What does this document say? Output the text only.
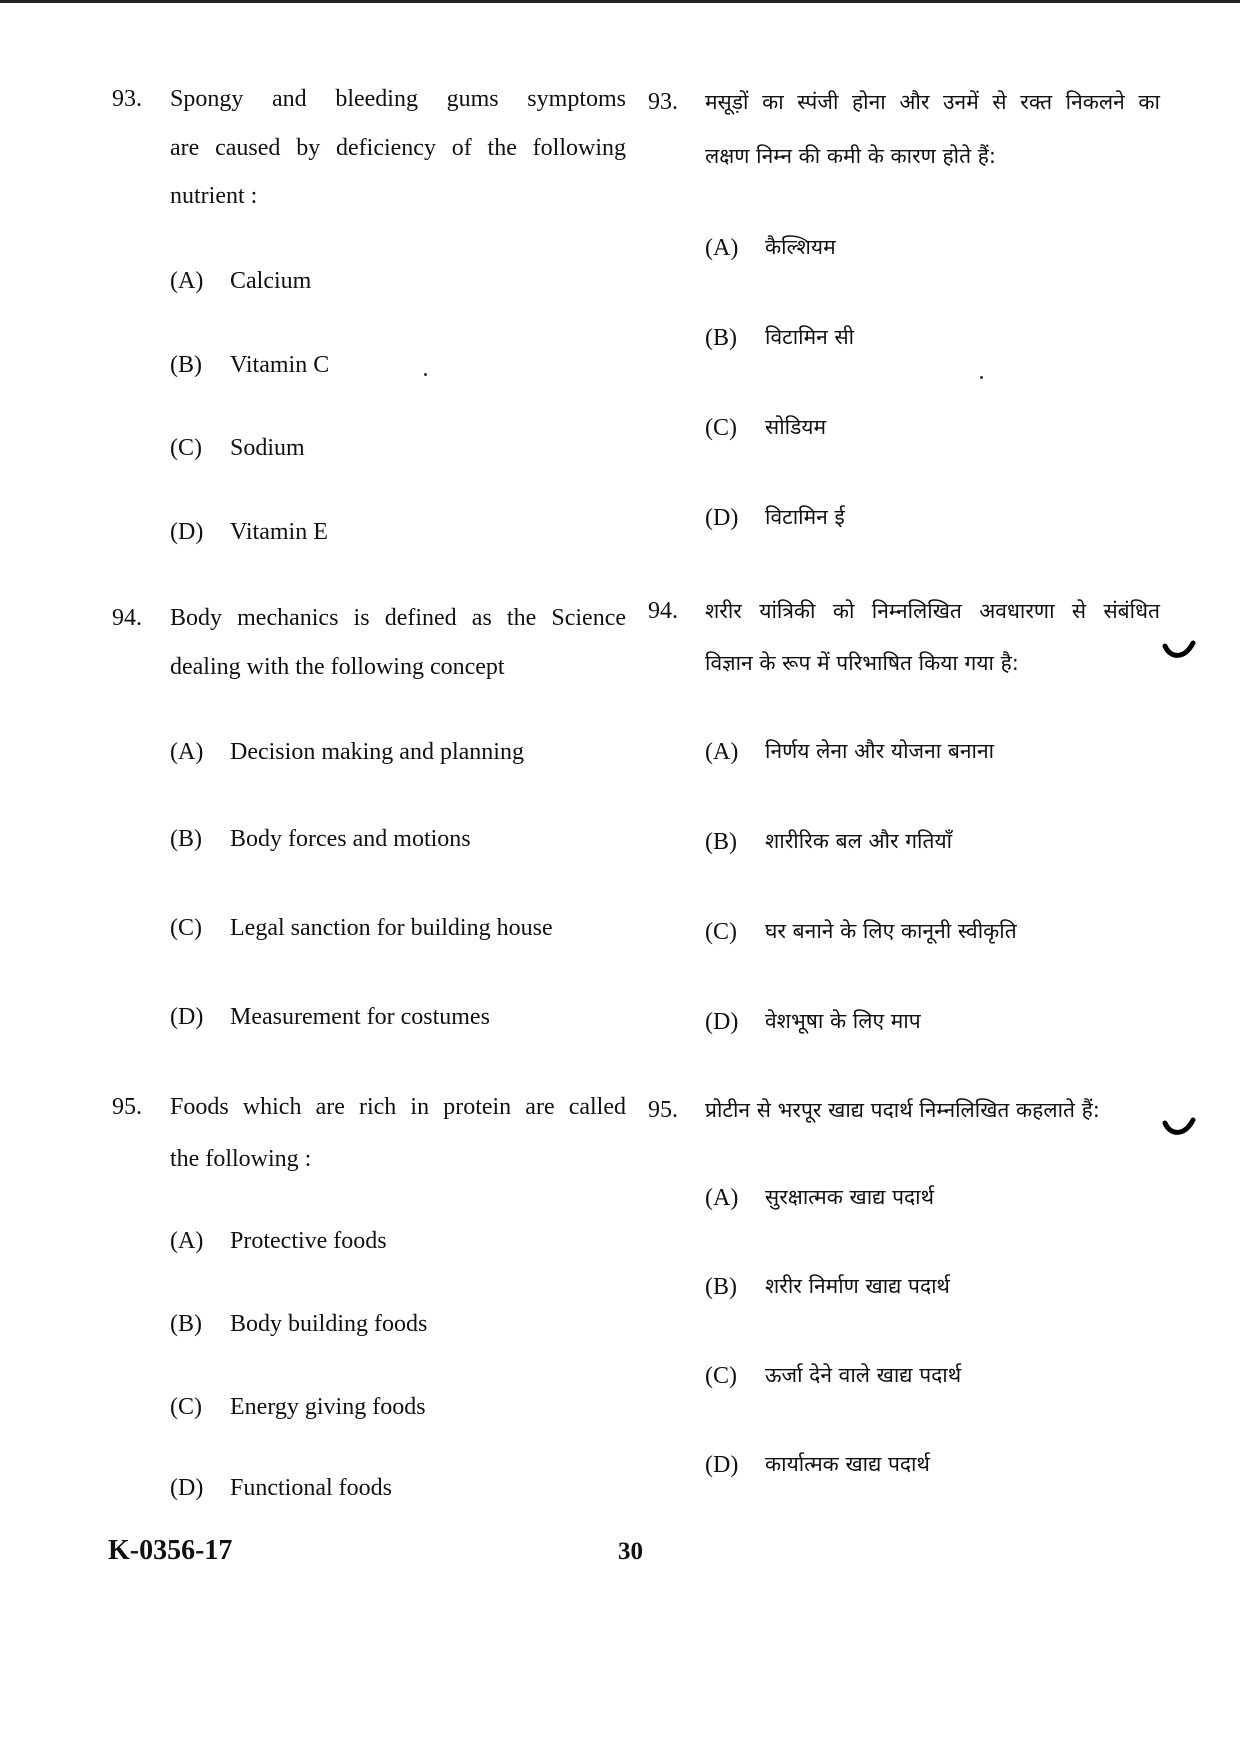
93. Spongy and bleeding gums symptoms
are caused by deficiency of the following
nutrient :
(A) Calcium
(B) Vitamin C
(C) Sodium
(D) Vitamin E
93. मसूड़ों का स्पंजी होना और उनमें से रक्त निकलने का
लक्षण निम्न की कमी के कारण होते हैं:
(A) कैल्शियम
(B) विटामिन सी
(C) सोडियम
(D) विटामिन ई
94. Body mechanics is defined as the Science
dealing with the following concept
(A) Decision making and planning
(B) Body forces and motions
(C) Legal sanction for building house
(D) Measurement for costumes
94. शरीर यांत्रिकी को निम्नलिखित अवधारणा से संबंधित
विज्ञान के रूप में परिभाषित किया गया है:
(A) निर्णय लेना और योजना बनाना
(B) शारीरिक बल और गतियाँ
(C) घर बनाने के लिए कानूनी स्वीकृति
(D) वेशभूषा के लिए माप
95. Foods which are rich in protein are called
the following :
(A) Protective foods
(B) Body building foods
(C) Energy giving foods
(D) Functional foods
95. प्रोटीन से भरपूर खाद्य पदार्थ निम्नलिखित कहलाते हैं:
(A) सुरक्षात्मक खाद्य पदार्थ
(B) शरीर निर्माण खाद्य पदार्थ
(C) ऊर्जा देने वाले खाद्य पदार्थ
(D) कार्यात्मक खाद्य पदार्थ
K-0356-17	30
